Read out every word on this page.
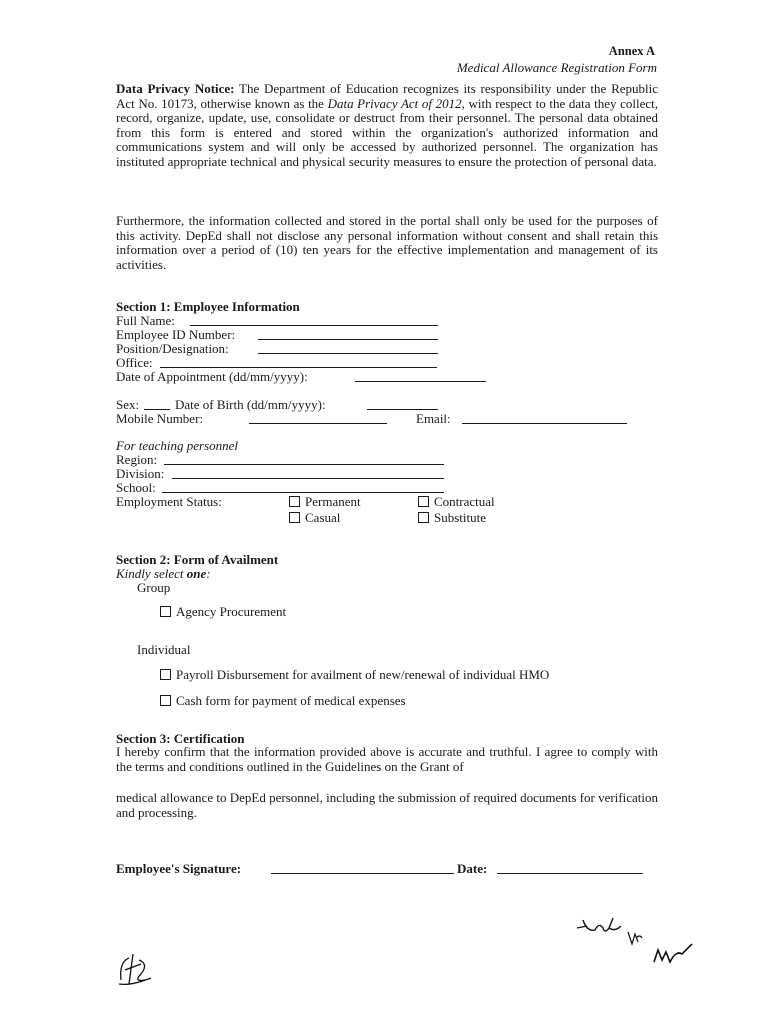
Annex A
Medical Allowance Registration Form
Data Privacy Notice: The Department of Education recognizes its responsibility under the Republic Act No. 10173, otherwise known as the Data Privacy Act of 2012, with respect to the data they collect, record, organize, update, use, consolidate or destruct from their personnel. The personal data obtained from this form is entered and stored within the organization's authorized information and communications system and will only be accessed by authorized personnel. The organization has instituted appropriate technical and physical security measures to ensure the protection of personal data.
Furthermore, the information collected and stored in the portal shall only be used for the purposes of this activity. DepEd shall not disclose any personal information without consent and shall retain this information over a period of (10) ten years for the effective implementation and management of its activities.
Section 1: Employee Information
Full Name:
Employee ID Number:
Position/Designation:
Office:
Date of Appointment (dd/mm/yyyy):
Sex:	Date of Birth (dd/mm/yyyy):
Mobile Number:	Email:
For teaching personnel
Region:
Division:
School:
Employment Status:	Permanent	Contractual
Casual	Substitute
Section 2: Form of Availment
Kindly select one:
Group
Agency Procurement
Individual
Payroll Disbursement for availment of new/renewal of individual HMO
Cash form for payment of medical expenses
Section 3: Certification
I hereby confirm that the information provided above is accurate and truthful. I agree to comply with the terms and conditions outlined in the Guidelines on the Grant of
medical allowance to DepEd personnel, including the submission of required documents for verification and processing.
Employee's Signature:	Date:
